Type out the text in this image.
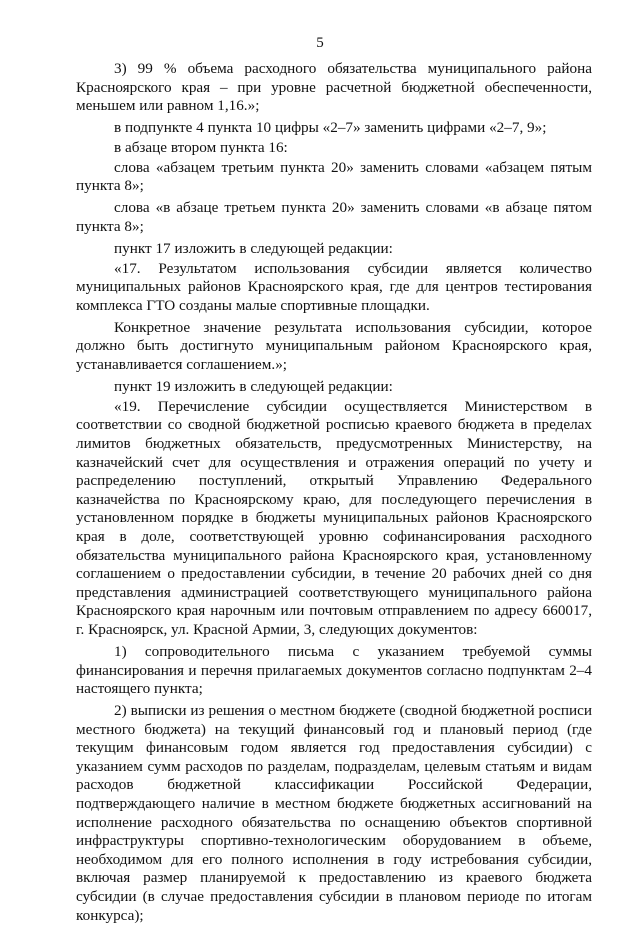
5

3) 99 % объема расходного обязательства муниципального района Красноярского края – при уровне расчетной бюджетной обеспеченности, меньшем или равном 1,16.»;

в подпункте 4 пункта 10 цифры «2–7» заменить цифрами «2–7, 9»;

в абзаце втором пункта 16:

слова «абзацем третьим пункта 20» заменить словами «абзацем пятым пункта 8»;

слова «в абзаце третьем пункта 20» заменить словами «в абзаце пятом пункта 8»;

пункт 17 изложить в следующей редакции:

«17. Результатом использования субсидии является количество муниципальных районов Красноярского края, где для центров тестирования комплекса ГТО созданы малые спортивные площадки.

Конкретное значение результата использования субсидии, которое должно быть достигнуто муниципальным районом Красноярского края, устанавливается соглашением.»;

пункт 19 изложить в следующей редакции:

«19. Перечисление субсидии осуществляется Министерством в соответствии со сводной бюджетной росписью краевого бюджета в пределах лимитов бюджетных обязательств, предусмотренных Министерству, на казначейский счет для осуществления и отражения операций по учету и распределению поступлений, открытый Управлению Федерального казначейства по Красноярскому краю, для последующего перечисления в установленном порядке в бюджеты муниципальных районов Красноярского края в доле, соответствующей уровню софинансирования расходного обязательства муниципального района Красноярского края, установленному соглашением о предоставлении субсидии, в течение 20 рабочих дней со дня представления администрацией соответствующего муниципального района Красноярского края нарочным или почтовым отправлением по адресу 660017, г. Красноярск, ул. Красной Армии, 3, следующих документов:

1) сопроводительного письма с указанием требуемой суммы финансирования и перечня прилагаемых документов согласно подпунктам 2–4 настоящего пункта;

2) выписки из решения о местном бюджете (сводной бюджетной росписи местного бюджета) на текущий финансовый год и плановый период (где текущим финансовым годом является год предоставления субсидии) с указанием сумм расходов по разделам, подразделам, целевым статьям и видам расходов бюджетной классификации Российской Федерации, подтверждающего наличие в местном бюджете бюджетных ассигнований на исполнение расходного обязательства по оснащению объектов спортивной инфраструктуры спортивно-технологическим оборудованием в объеме, необходимом для его полного исполнения в году истребования субсидии, включая размер планируемой к предоставлению из краевого бюджета субсидии (в случае предоставления субсидии в плановом периоде по итогам конкурса);
